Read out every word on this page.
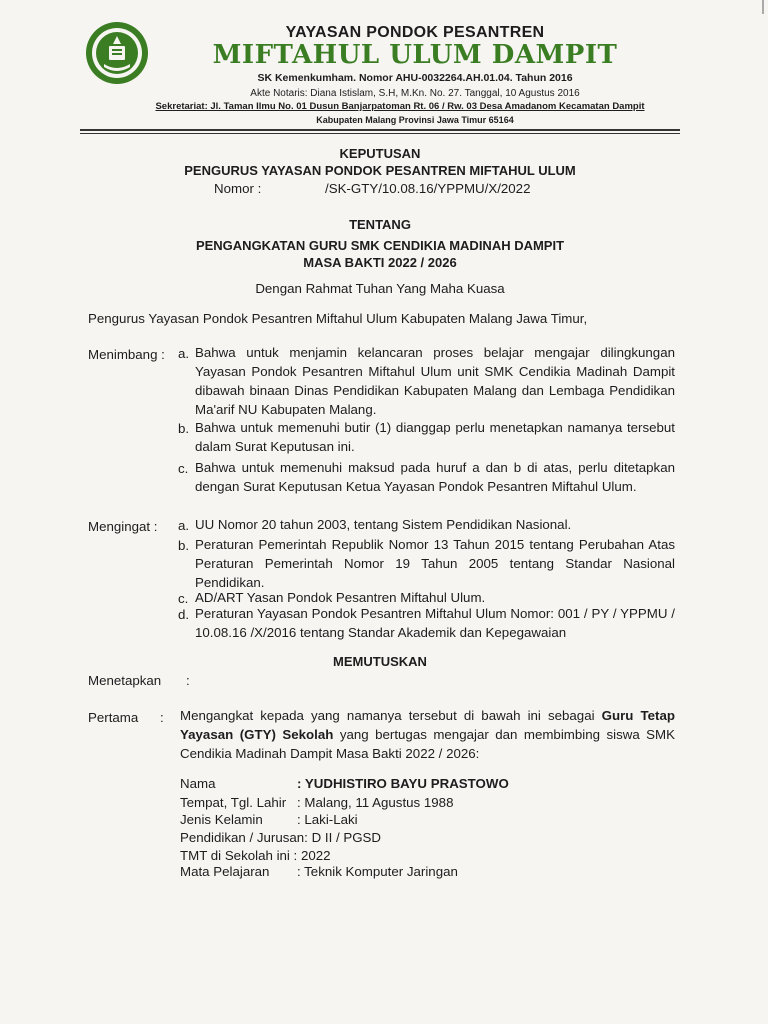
YAYASAN PONDOK PESANTREN
MIFTAHUL ULUM DAMPIT
SK Kemenkumham. Nomor AHU-0032264.AH.01.04. Tahun 2016
Akte Notaris: Diana Istislam, S.H, M.Kn. No. 27. Tanggal, 10 Agustus 2016
Sekretariat: Jl. Taman Ilmu No. 01 Dusun Banjarpatoman Rt. 06 / Rw. 03 Desa Amadanom Kecamatan Dampit
Kabupaten Malang Provinsi Jawa Timur 65164
KEPUTUSAN
PENGURUS YAYASAN PONDOK PESANTREN MIFTAHUL ULUM
Nomor :	/SK-GTY/10.08.16/YPPMU/X/2022
TENTANG
PENGANGKATAN GURU SMK CENDIKIA MADINAH DAMPIT
MASA BAKTI 2022 / 2026
Dengan Rahmat Tuhan Yang Maha Kuasa
Pengurus Yayasan Pondok Pesantren Miftahul Ulum Kabupaten Malang Jawa Timur,
Menimbang : a. Bahwa untuk menjamin kelancaran proses belajar mengajar dilingkungan Yayasan Pondok Pesantren Miftahul Ulum unit SMK Cendikia Madinah Dampit dibawah binaan Dinas Pendidikan Kabupaten Malang dan Lembaga Pendidikan Ma'arif NU Kabupaten Malang.
b. Bahwa untuk memenuhi butir (1) dianggap perlu menetapkan namanya tersebut dalam Surat Keputusan ini.
c. Bahwa untuk memenuhi maksud pada huruf a dan b di atas, perlu ditetapkan dengan Surat Keputusan Ketua Yayasan Pondok Pesantren Miftahul Ulum.
Mengingat : a. UU Nomor 20 tahun 2003, tentang Sistem Pendidikan Nasional.
b. Peraturan Pemerintah Republik Nomor 13 Tahun 2015 tentang Perubahan Atas Peraturan Pemerintah Nomor 19 Tahun 2005 tentang Standar Nasional Pendidikan.
c. AD/ART Yasan Pondok Pesantren Miftahul Ulum.
d. Peraturan Yayasan Pondok Pesantren Miftahul Ulum Nomor: 001 / PY / YPPMU / 10.08.16 /X/2016 tentang Standar Akademik dan Kepegawaian
MEMUTUSKAN
Menetapkan :
Pertama : Mengangkat kepada yang namanya tersebut di bawah ini sebagai Guru Tetap Yayasan (GTY) Sekolah yang bertugas mengajar dan membimbing siswa SMK Cendikia Madinah Dampit Masa Bakti 2022 / 2026:
Nama	: YUDHISTIRO BAYU PRASTOWO
Tempat, Tgl. Lahir : Malang, 11 Agustus 1988
Jenis Kelamin	: Laki-Laki
Pendidikan / Jurusan: D II / PGSD
TMT di Sekolah ini : 2022
Mata Pelajaran : Teknik Komputer Jaringan
